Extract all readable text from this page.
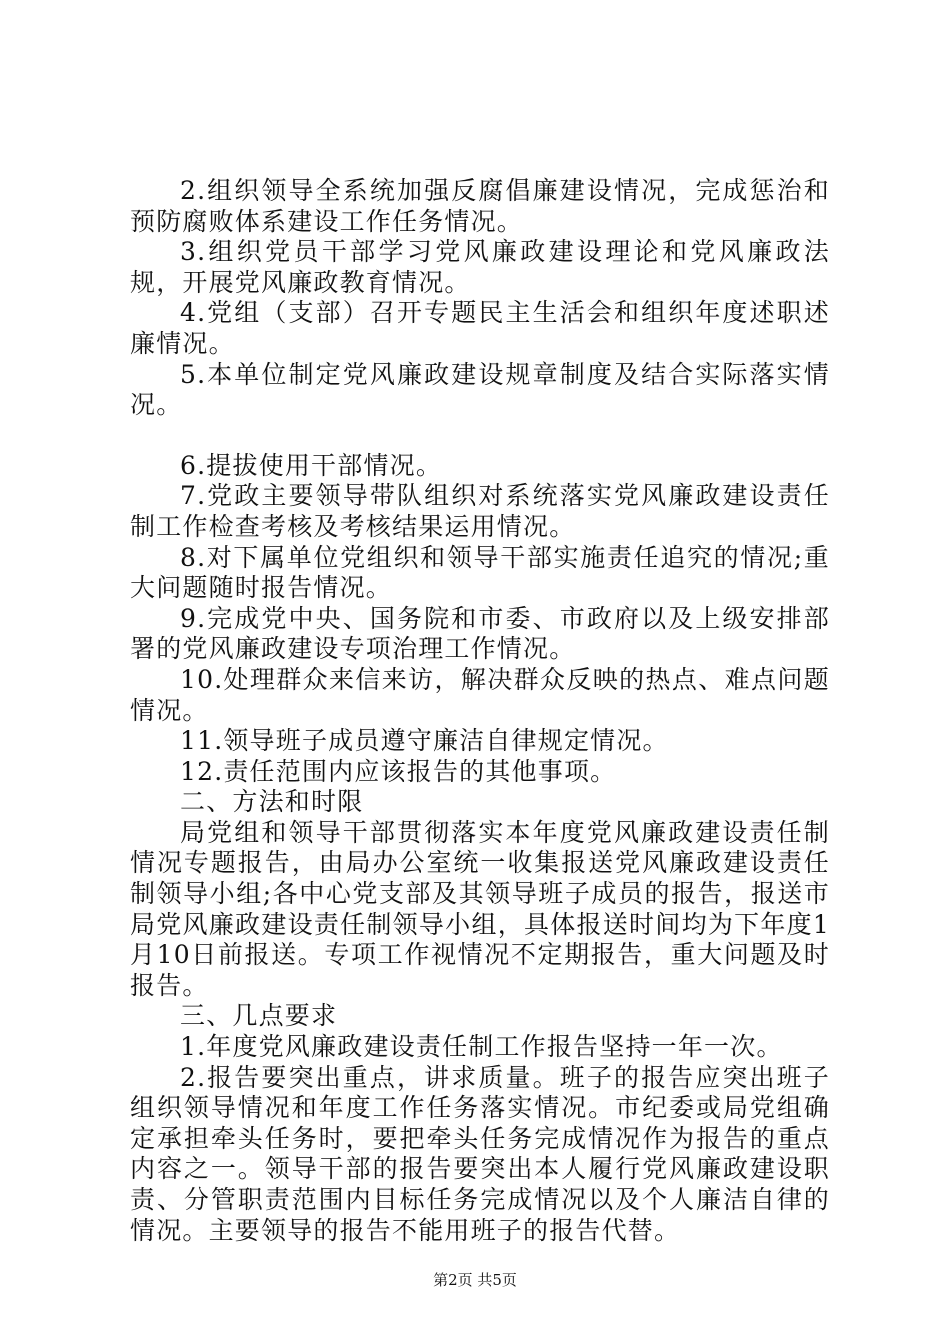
2.组织领导全系统加强反腐倡廉建设情况，完成惩治和预防腐败体系建设工作任务情况。

3.组织党员干部学习党风廉政建设理论和党风廉政法规，开展党风廉政教育情况。

4.党组（支部）召开专题民主生活会和组织年度述职述廉情况。

5.本单位制定党风廉政建设规章制度及结合实际落实情况。

6.提拔使用干部情况。

7.党政主要领导带队组织对系统落实党风廉政建设责任制工作检查考核及考核结果运用情况。

8.对下属单位党组织和领导干部实施责任追究的情况;重大问题随时报告情况。

9.完成党中央、国务院和市委、市政府以及上级安排部署的党风廉政建设专项治理工作情况。

10.处理群众来信来访，解决群众反映的热点、难点问题情况。

11.领导班子成员遵守廉洁自律规定情况。

12.责任范围内应该报告的其他事项。

二、方法和时限

局党组和领导干部贯彻落实本年度党风廉政建设责任制情况专题报告，由局办公室统一收集报送党风廉政建设责任制领导小组;各中心党支部及其领导班子成员的报告，报送市局党风廉政建设责任制领导小组，具体报送时间均为下年度1月10日前报送。专项工作视情况不定期报告，重大问题及时报告。

三、几点要求

1.年度党风廉政建设责任制工作报告坚持一年一次。

2.报告要突出重点，讲求质量。班子的报告应突出班子组织领导情况和年度工作任务落实情况。市纪委或局党组确定承担牵头任务时，要把牵头任务完成情况作为报告的重点内容之一。领导干部的报告要突出本人履行党风廉政建设职责、分管职责范围内目标任务完成情况以及个人廉洁自律的情况。主要领导的报告不能用班子的报告代替。

第2页 共5页
